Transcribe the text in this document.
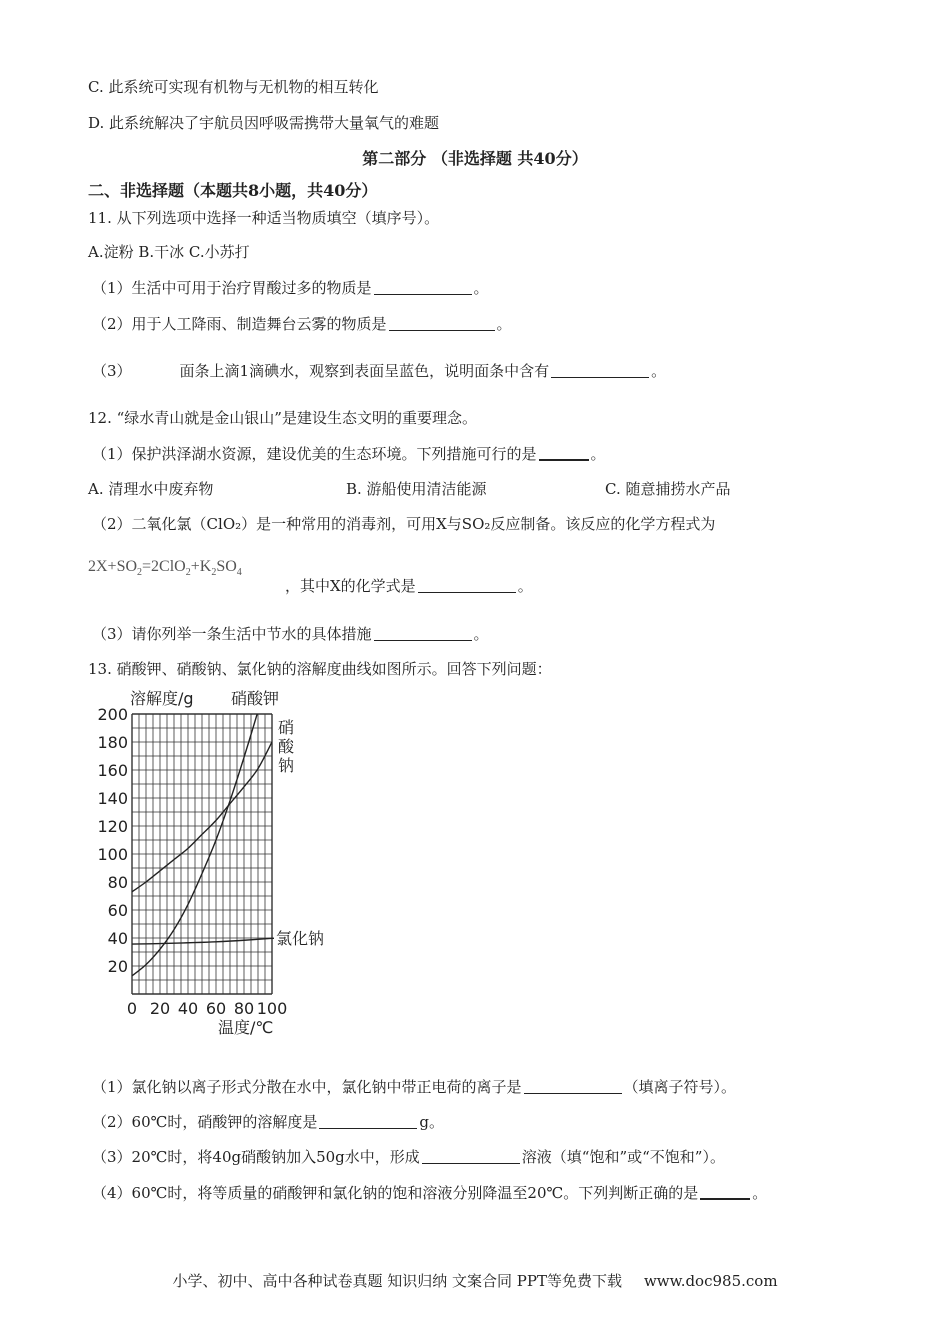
C. 此系统可实现有机物与无机物的相互转化
D. 此系统解决了宇航员因呼吸需携带大量氧气的难题
第二部分 （非选择题 共40分）
二、非选择题（本题共8小题，共40分）
11. 从下列选项中选择一种适当物质填空（填序号）。
A.淀粉 B.干冰 C.小苏打
（1）生活中可用于治疗胃酸过多的物质是	。
（2）用于人工降雨、制造舞台云雾的物质是	。
（3）	面条上滴1滴碘水，观察到表面呈蓝色，说明面条中含有	。
12. “绿水青山就是金山银山”是建设生态文明的重要理念。
（1）保护洪泽湖水资源，建设优美的生态环境。下列措施可行的是	。
A. 清理水中废弃物	B. 游船使用清洁能源	C. 随意捕捞水产品
（2）二氧化氯（ClO₂）是一种常用的消毒剂，可用X与SO₂反应制备。该反应的化学方程式为
$2X+SO_2=2ClO_2+K_2SO_4$
，其中X的化学式是	。
（3）请你列举一条生活中节水的具体措施	。
13. 硝酸钾、硝酸钠、氯化钠的溶解度曲线如图所示。回答下列问题：
0 20 40 60 80 100
20
40
60
80
100
120
140
160
180
200
溶解度/g
温度/℃
硝酸钾
硝
酸
钠
氯化钠
（1）氯化钠以离子形式分散在水中，氯化钠中带正电荷的离子是	（填离子符号）。
（2）60℃时，硝酸钾的溶解度是	g。
（3）20℃时，将40g硝酸钠加入50g水中，形成	溶液（填“饱和”或“不饱和”）。
（4）60℃时，将等质量的硝酸钾和氯化钠的饱和溶液分别降温至20℃。下列判断正确的是	。
小学、初中、高中各种试卷真题 知识归纳 文案合同 PPT等免费下载 www.doc985.com
